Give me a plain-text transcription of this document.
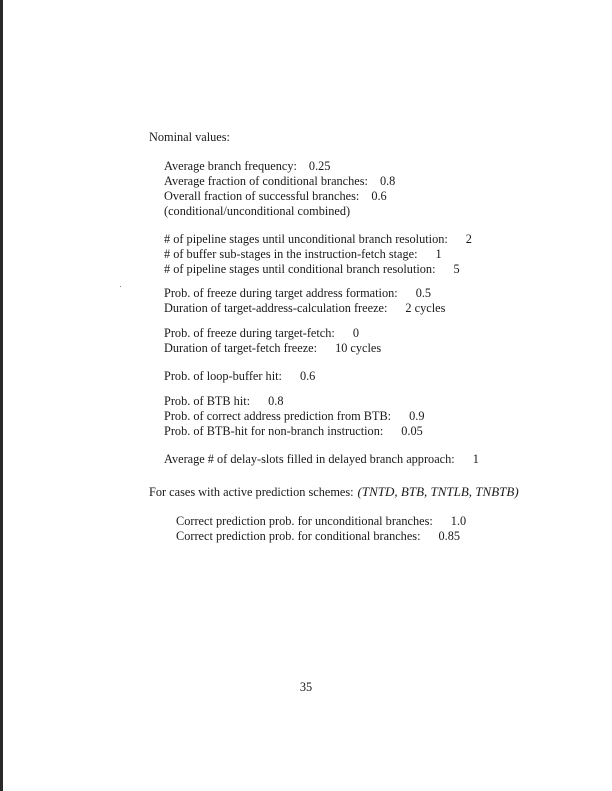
Nominal values:
Average branch frequency: 0.25
Average fraction of conditional branches: 0.8
Overall fraction of successful branches: 0.6
(conditional/unconditional combined)
# of pipeline stages until unconditional branch resolution: 2
# of buffer sub-stages in the instruction-fetch stage: 1
# of pipeline stages until conditional branch resolution: 5
Prob. of freeze during target address formation: 0.5
Duration of target-address-calculation freeze: 2 cycles
Prob. of freeze during target-fetch: 0
Duration of target-fetch freeze: 10 cycles
Prob. of loop-buffer hit: 0.6
Prob. of BTB hit: 0.8
Prob. of correct address prediction from BTB: 0.9
Prob. of BTB-hit for non-branch instruction: 0.05
Average # of delay-slots filled in delayed branch approach: 1
For cases with active prediction schemes: (TNTD, BTB, TNTLB, TNBTB)
Correct prediction prob. for unconditional branches: 1.0
Correct prediction prob. for conditional branches: 0.85
35
